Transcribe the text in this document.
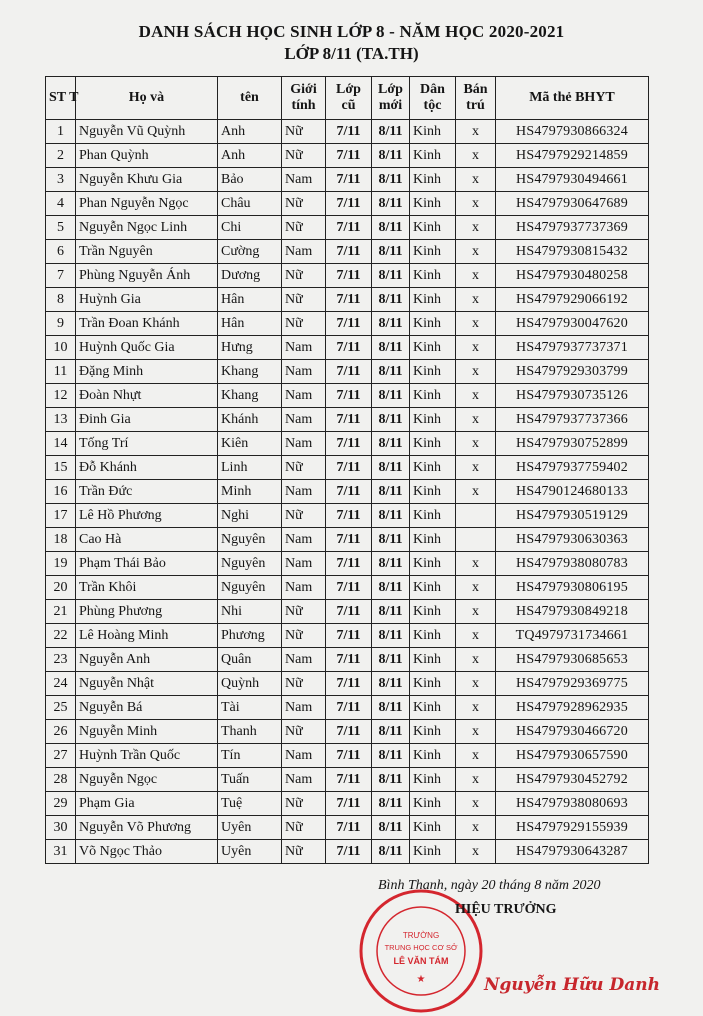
DANH SÁCH HỌC SINH LỚP 8 - NĂM HỌC 2020-2021
LỚP 8/11 (TA.TH)
ST T	Họ và	tên	Giới tính	Lớp cũ	Lớp mới	Dân tộc	Bán trú	Mã thẻ BHYT
1	Nguyễn Vũ Quỳnh	Anh	Nữ	7/11	8/11	Kinh	x	HS4797930866324
2	Phan Quỳnh	Anh	Nữ	7/11	8/11	Kinh	x	HS4797929214859
3	Nguyễn Khưu Gia	Bảo	Nam	7/11	8/11	Kinh	x	HS4797930494661
4	Phan Nguyễn Ngọc	Châu	Nữ	7/11	8/11	Kinh	x	HS4797930647689
5	Nguyễn Ngọc Linh	Chi	Nữ	7/11	8/11	Kinh	x	HS4797937737369
6	Trần Nguyên	Cường	Nam	7/11	8/11	Kinh	x	HS4797930815432
7	Phùng Nguyễn Ánh	Dương	Nữ	7/11	8/11	Kinh	x	HS4797930480258
8	Huỳnh Gia	Hân	Nữ	7/11	8/11	Kinh	x	HS4797929066192
9	Trần Đoan Khánh	Hân	Nữ	7/11	8/11	Kinh	x	HS4797930047620
10	Huỳnh Quốc Gia	Hưng	Nam	7/11	8/11	Kinh	x	HS4797937737371
11	Đặng Minh	Khang	Nam	7/11	8/11	Kinh	x	HS4797929303799
12	Đoàn Nhựt	Khang	Nam	7/11	8/11	Kinh	x	HS4797930735126
13	Đinh Gia	Khánh	Nam	7/11	8/11	Kinh	x	HS4797937737366
14	Tống Trí	Kiên	Nam	7/11	8/11	Kinh	x	HS4797930752899
15	Đỗ Khánh	Linh	Nữ	7/11	8/11	Kinh	x	HS4797937759402
16	Trần Đức	Minh	Nam	7/11	8/11	Kinh	x	HS4790124680133
17	Lê Hồ Phương	Nghi	Nữ	7/11	8/11	Kinh		HS4797930519129
18	Cao Hà	Nguyên	Nam	7/11	8/11	Kinh		HS4797930630363
19	Phạm Thái Bảo	Nguyên	Nam	7/11	8/11	Kinh	x	HS4797938080783
20	Trần Khôi	Nguyên	Nam	7/11	8/11	Kinh	x	HS4797930806195
21	Phùng Phương	Nhi	Nữ	7/11	8/11	Kinh	x	HS4797930849218
22	Lê Hoàng Minh	Phương	Nữ	7/11	8/11	Kinh	x	TQ4979731734661
23	Nguyễn Anh	Quân	Nam	7/11	8/11	Kinh	x	HS4797930685653
24	Nguyễn Nhật	Quỳnh	Nữ	7/11	8/11	Kinh	x	HS4797929369775
25	Nguyễn Bá	Tài	Nam	7/11	8/11	Kinh	x	HS4797928962935
26	Nguyễn Minh	Thanh	Nữ	7/11	8/11	Kinh	x	HS4797930466720
27	Huỳnh Trần Quốc	Tín	Nam	7/11	8/11	Kinh	x	HS4797930657590
28	Nguyễn Ngọc	Tuấn	Nam	7/11	8/11	Kinh	x	HS4797930452792
29	Phạm Gia	Tuệ	Nữ	7/11	8/11	Kinh	x	HS4797938080693
30	Nguyễn Võ Phương	Uyên	Nữ	7/11	8/11	Kinh	x	HS4797929155939
31	Võ Ngọc Thảo	Uyên	Nữ	7/11	8/11	Kinh	x	HS4797930643287
Bình Thạnh, ngày 20 tháng 8 năm 2020
TRƯỜNG
TRUNG HỌC CƠ SỞ
LÊ VĂN TÁM
★
HIỆU TRƯỞNG
Nguyễn Hữu Danh
